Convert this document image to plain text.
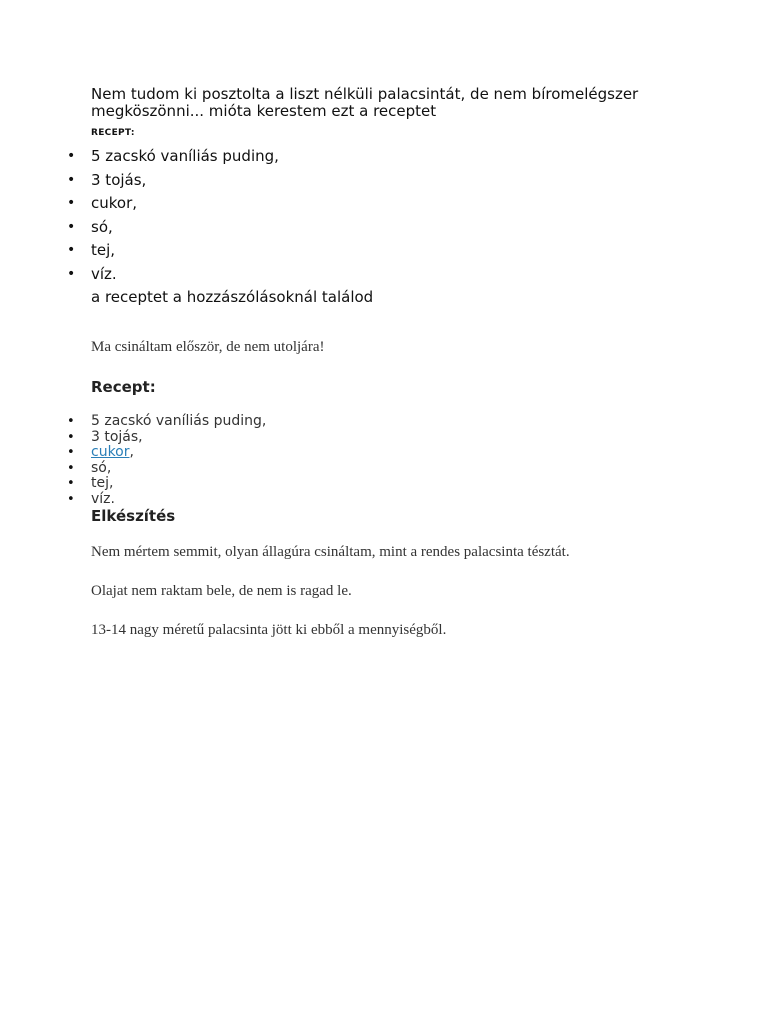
Nem tudom ki posztolta a liszt nélküli palacsintát, de nem bíromelégszer
megköszönni... mióta kerestem ezt a receptet
RECEPT:
• 5 zacskó vaníliás puding,
• 3 tojás,
• cukor,
• só,
• tej,
• víz.
a receptet a hozzászólásoknál találod
Ma csináltam először, de nem utoljára!
Recept:
• 5 zacskó vaníliás puding,
• 3 tojás,
• cukor,
• só,
• tej,
• víz.
Elkészítés
Nem mértem semmit, olyan állagúra csináltam, mint a rendes palacsinta tésztát.
Olajat nem raktam bele, de nem is ragad le.
13-14 nagy méretű palacsinta jött ki ebből a mennyiségből.
